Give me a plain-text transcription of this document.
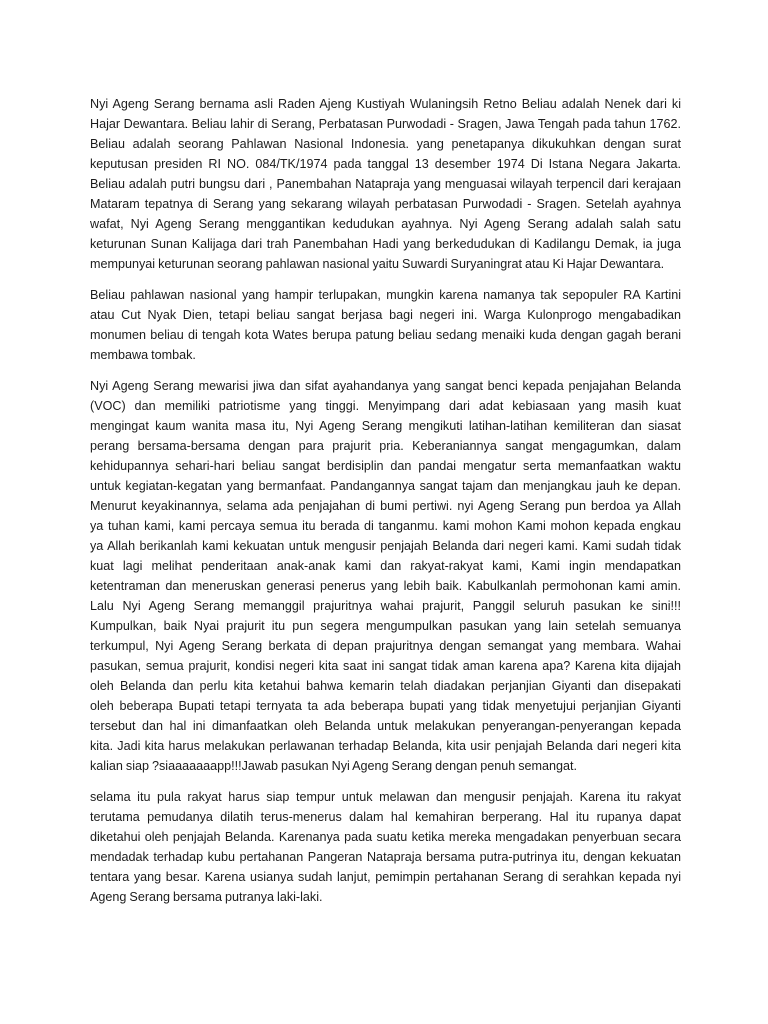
Nyi Ageng Serang bernama asli Raden Ajeng Kustiyah Wulaningsih Retno Beliau adalah Nenek dari ki
Hajar Dewantara. Beliau lahir di Serang, Perbatasan Purwodadi - Sragen, Jawa Tengah pada tahun 1762.
Beliau adalah seorang Pahlawan Nasional Indonesia. yang penetapanya dikukuhkan dengan surat
keputusan presiden RI NO. 084/TK/1974 pada tanggal 13 desember 1974 Di Istana Negara Jakarta.
Beliau adalah putri bungsu dari , Panembahan Natapraja yang menguasai wilayah terpencil dari kerajaan
Mataram tepatnya di Serang yang sekarang wilayah perbatasan Purwodadi - Sragen. Setelah ayahnya
wafat, Nyi Ageng Serang menggantikan kedudukan ayahnya. Nyi Ageng Serang adalah salah satu
keturunan Sunan Kalijaga dari trah Panembahan Hadi yang berkedudukan di Kadilangu Demak, ia juga
mempunyai keturunan seorang pahlawan nasional yaitu Suwardi Suryaningrat atau Ki Hajar Dewantara.

Beliau pahlawan nasional yang hampir terlupakan, mungkin karena namanya tak sepopuler RA Kartini
atau Cut Nyak Dien, tetapi beliau sangat berjasa bagi negeri ini. Warga Kulonprogo mengabadikan
monumen beliau di tengah kota Wates berupa patung beliau sedang menaiki kuda dengan gagah berani
membawa tombak.

Nyi Ageng Serang mewarisi jiwa dan sifat ayahandanya yang sangat benci kepada penjajahan Belanda
(VOC) dan memiliki patriotisme yang tinggi. Menyimpang dari adat kebiasaan yang masih kuat
mengingat kaum wanita masa itu, Nyi Ageng Serang mengikuti latihan-latihan kemiliteran dan siasat
perang bersama-bersama dengan para prajurit pria. Keberaniannya sangat mengagumkan, dalam
kehidupannya sehari-hari beliau sangat berdisiplin dan pandai mengatur serta memanfaatkan waktu
untuk kegiatan-kegatan yang bermanfaat. Pandangannya sangat tajam dan menjangkau jauh ke depan.
Menurut keyakinannya, selama ada penjajahan di bumi pertiwi. nyi Ageng Serang pun berdoa ya Allah
ya tuhan kami, kami percaya semua itu berada di tanganmu. kami mohon Kami mohon kepada engkau
ya Allah berikanlah kami kekuatan untuk mengusir penjajah Belanda dari negeri kami. Kami sudah tidak
kuat lagi melihat penderitaan anak-anak kami dan rakyat-rakyat kami, Kami ingin mendapatkan
ketentraman dan meneruskan generasi penerus yang lebih baik. Kabulkanlah permohonan kami amin.
Lalu Nyi Ageng Serang memanggil prajuritnya wahai prajurit, Panggil seluruh pasukan ke sini!!!
Kumpulkan, baik Nyai prajurit itu pun segera mengumpulkan pasukan yang lain setelah semuanya
terkumpul, Nyi Ageng Serang berkata di depan prajuritnya dengan semangat yang membara. Wahai
pasukan, semua prajurit, kondisi negeri kita saat ini sangat tidak aman karena apa? Karena kita dijajah
oleh Belanda dan perlu kita ketahui bahwa kemarin telah diadakan perjanjian Giyanti dan disepakati
oleh beberapa Bupati tetapi ternyata ta ada beberapa bupati yang tidak menyetujui perjanjian Giyanti
tersebut dan hal ini dimanfaatkan oleh Belanda untuk melakukan penyerangan-penyerangan kepada
kita. Jadi kita harus melakukan perlawanan terhadap Belanda, kita usir penjajah Belanda dari negeri kita
kalian siap ?siaaaaaaapp!!!Jawab pasukan Nyi Ageng Serang dengan penuh semangat.

selama itu pula rakyat harus siap tempur untuk melawan dan mengusir penjajah. Karena itu rakyat
terutama pemudanya dilatih terus-menerus dalam hal kemahiran berperang. Hal itu rupanya dapat
diketahui oleh penjajah Belanda. Karenanya pada suatu ketika mereka mengadakan penyerbuan secara
mendadak terhadap kubu pertahanan Pangeran Natapraja bersama putra-putrinya itu, dengan kekuatan
tentara yang besar. Karena usianya sudah lanjut, pemimpin pertahanan Serang di serahkan kepada nyi
Ageng Serang bersama putranya laki-laki.
